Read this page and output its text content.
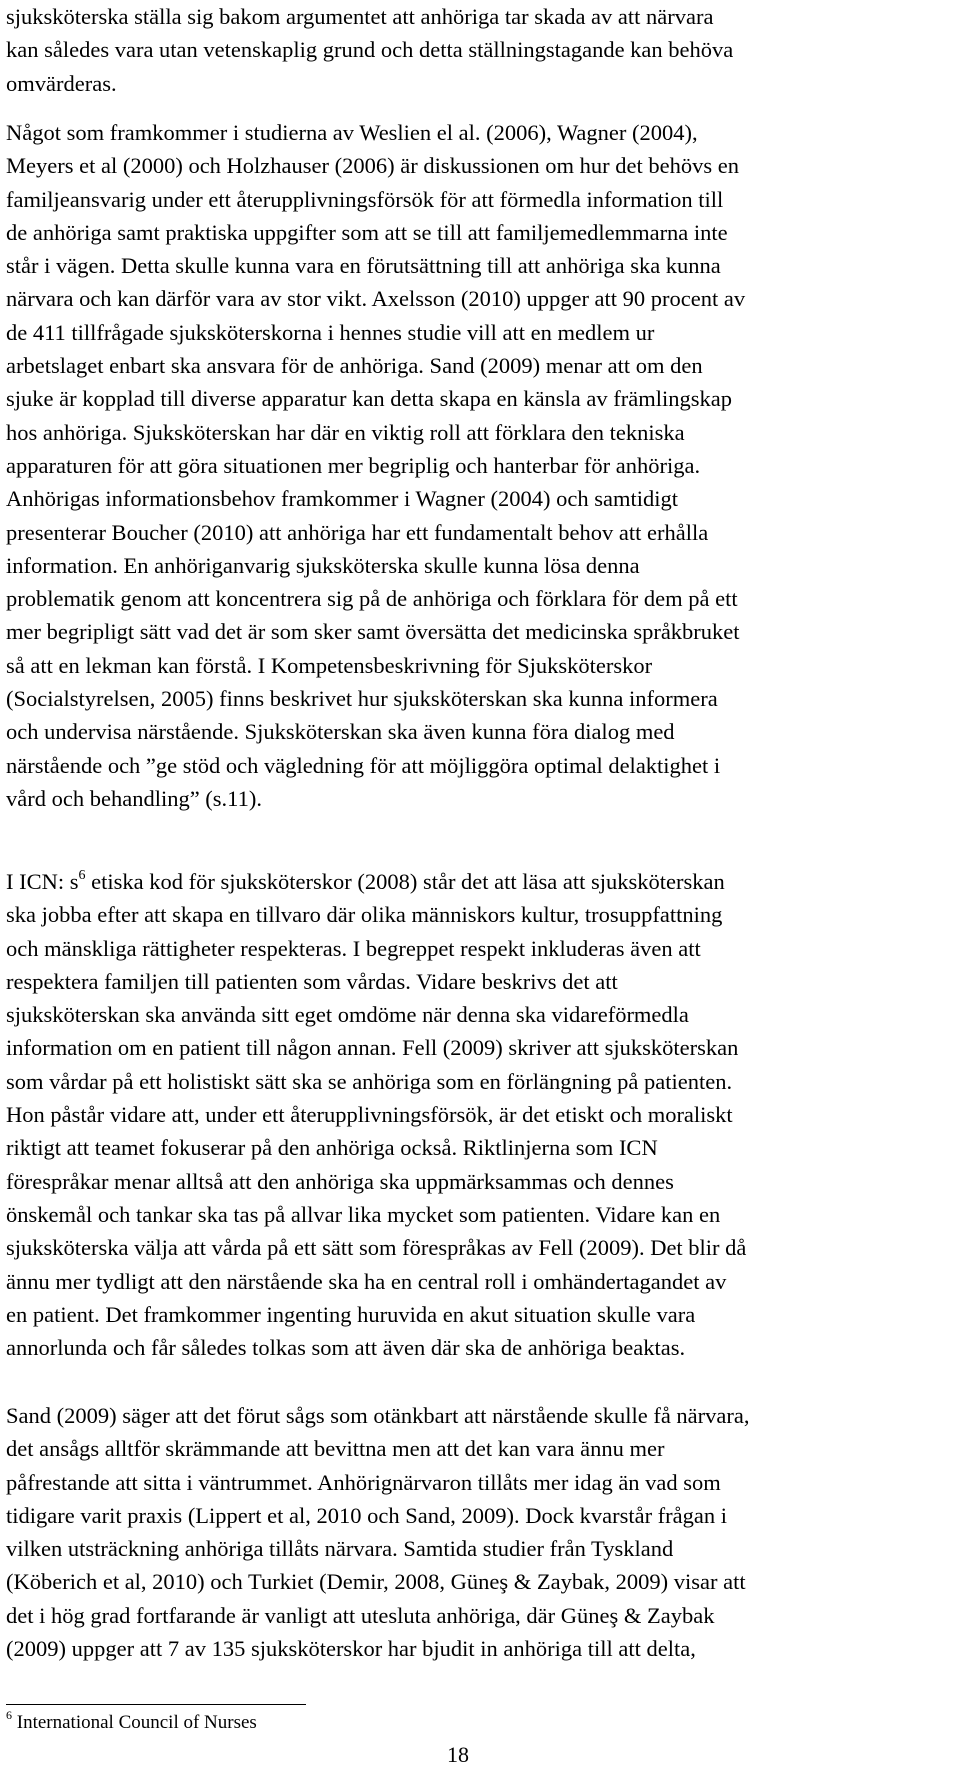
sjuksköterska ställa sig bakom argumentet att anhöriga tar skada av att närvara
kan således vara utan vetenskaplig grund och detta ställningstagande kan behöva
omvärderas.
Något som framkommer i studierna av Weslien el al. (2006), Wagner (2004),
Meyers et al (2000) och Holzhauser (2006) är diskussionen om hur det behövs en
familjeansvarig under ett återupplivningsförsök för att förmedla information till
de anhöriga samt praktiska uppgifter som att se till att familjemedlemmarna inte
står i vägen. Detta skulle kunna vara en förutsättning till att anhöriga ska kunna
närvara och kan därför vara av stor vikt. Axelsson (2010) uppger att 90 procent av
de 411 tillfrågade sjuksköterskorna i hennes studie vill att en medlem ur
arbetslaget enbart ska ansvara för de anhöriga. Sand (2009) menar att om den
sjuke är kopplad till diverse apparatur kan detta skapa en känsla av främlingskap
hos anhöriga. Sjuksköterskan har där en viktig roll att förklara den tekniska
apparaturen för att göra situationen mer begriplig och hanterbar för anhöriga.
Anhörigas informationsbehov framkommer i Wagner (2004) och samtidigt
presenterar Boucher (2010) att anhöriga har ett fundamentalt behov att erhålla
information. En anhöriganvarig sjuksköterska skulle kunna lösa denna
problematik genom att koncentrera sig på de anhöriga och förklara för dem på ett
mer begripligt sätt vad det är som sker samt översätta det medicinska språkbruket
så att en lekman kan förstå. I Kompetensbeskrivning för Sjuksköterskor
(Socialstyrelsen, 2005) finns beskrivet hur sjuksköterskan ska kunna informera
och undervisa närstående. Sjuksköterskan ska även kunna föra dialog med
närstående och ”ge stöd och vägledning för att möjliggöra optimal delaktighet i
vård och behandling” (s.11).
I ICN: $s^6$ etiska kod för sjuksköterskor (2008) står det att läsa att sjuksköterskan
ska jobba efter att skapa en tillvaro där olika människors kultur, trosuppfattning
och mänskliga rättigheter respekteras. I begreppet respekt inkluderas även att
respektera familjen till patienten som vårdas. Vidare beskrivs det att
sjuksköterskan ska använda sitt eget omdöme när denna ska vidareförmedla
information om en patient till någon annan. Fell (2009) skriver att sjuksköterskan
som vårdar på ett holistiskt sätt ska se anhöriga som en förlängning på patienten.
Hon påstår vidare att, under ett återupplivningsförsök, är det etiskt och moraliskt
riktigt att teamet fokuserar på den anhöriga också. Riktlinjerna som ICN
förespråkar menar alltså att den anhöriga ska uppmärksammas och dennes
önskemål och tankar ska tas på allvar lika mycket som patienten. Vidare kan en
sjuksköterska välja att vårda på ett sätt som förespråkas av Fell (2009). Det blir då
ännu mer tydligt att den närstående ska ha en central roll i omhändertagandet av
en patient. Det framkommer ingenting huruvida en akut situation skulle vara
annorlunda och får således tolkas som att även där ska de anhöriga beaktas.
Sand (2009) säger att det förut sågs som otänkbart att närstående skulle få närvara,
det ansågs alltför skrämmande att bevittna men att det kan vara ännu mer
påfrestande att sitta i väntrummet. Anhörignärvaron tillåts mer idag än vad som
tidigare varit praxis (Lippert et al, 2010 och Sand, 2009). Dock kvarstår frågan i
vilken utsträckning anhöriga tillåts närvara. Samtida studier från Tyskland
(Köberich et al, 2010) och Turkiet (Demir, 2008, Güneş & Zaybak, 2009) visar att
det i hög grad fortfarande är vanligt att utesluta anhöriga, där Güneş & Zaybak
(2009) uppger att 7 av 135 sjuksköterskor har bjudit in anhöriga till att delta,
$^6$ International Council of Nurses
18
